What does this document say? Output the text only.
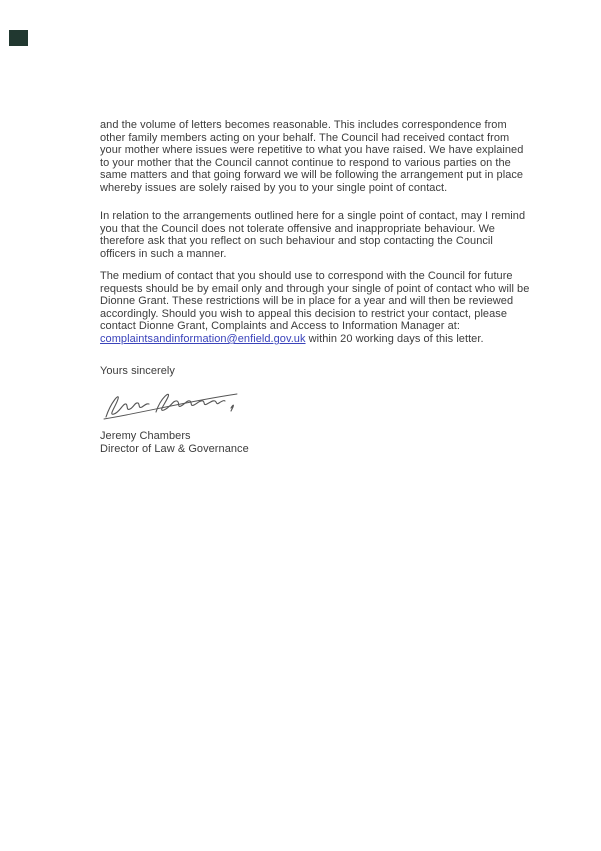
and the volume of letters becomes reasonable. This includes correspondence from other family members acting on your behalf. The Council had received contact from your mother where issues were repetitive to what you have raised. We have explained to your mother that the Council cannot continue to respond to various parties on the same matters and that going forward we will be following the arrangement put in place whereby issues are solely raised by you to your single point of contact.

In relation to the arrangements outlined here for a single point of contact, may I remind you that the Council does not tolerate offensive and inappropriate behaviour. We therefore ask that you reflect on such behaviour and stop contacting the Council officers in such a manner.

The medium of contact that you should use to correspond with the Council for future requests should be by email only and through your single of point of contact who will be Dionne Grant. These restrictions will be in place for a year and will then be reviewed accordingly. Should you wish to appeal this decision to restrict your contact, please contact Dionne Grant, Complaints and Access to Information Manager at: complaintsandinformation@enfield.gov.uk within 20 working days of this letter.

Yours sincerely

Jeremy Chambers
Director of Law & Governance
